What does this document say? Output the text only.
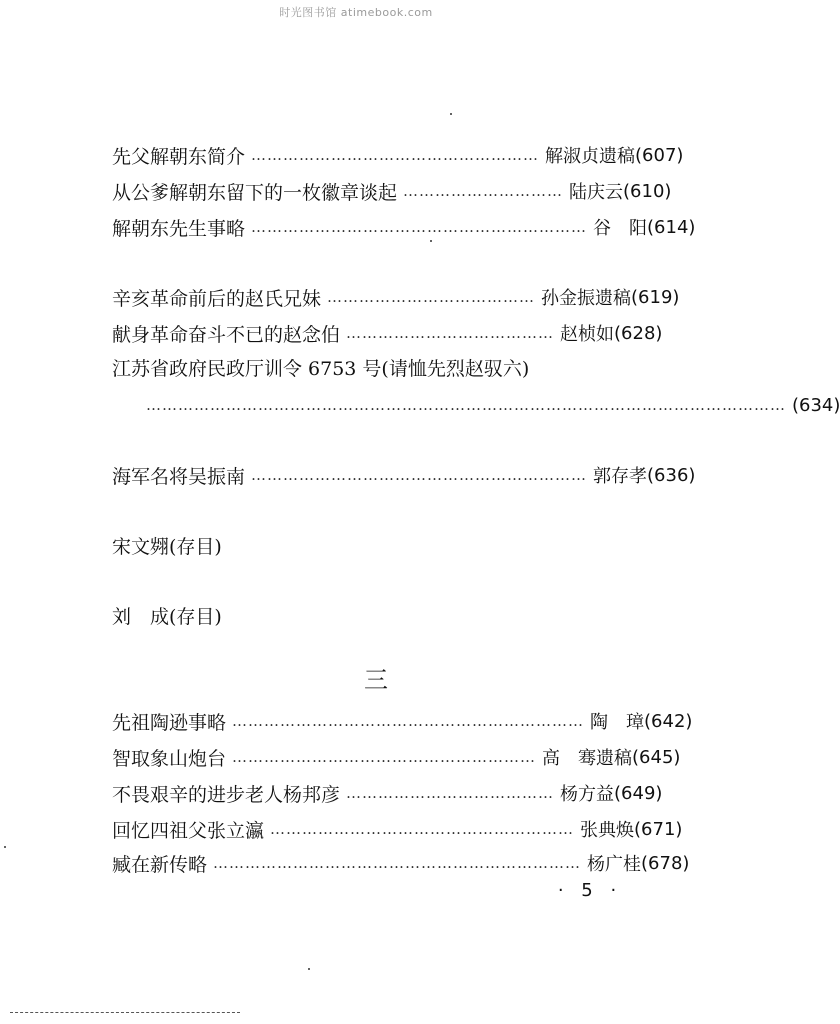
时光图书馆 atimebook.com
先父解朝东简介 ……………………………………………… 解淑贞遗稿 (607)
从公爹解朝东留下的一枚徽章谈起 ………………………… 陆庆云 (610)
解朝东先生事略 ……………………………………………………… 谷　阳 (614)
辛亥革命前后的赵氏兄妹 ………………………………… 孙金振遗稿 (619)
献身革命奋斗不已的赵念伯 ………………………………… 赵桢如 (628)
江苏省政府民政厅训令 6753 号(请恤先烈赵驭六)
………………………………………………………………………………………………………… (634)
海军名将吴振南 ……………………………………………………… 郭存孝 (636)
宋文翙(存目)
刘　成(存目)
三
先祖陶逊事略 ………………………………………………………… 陶　璋 (642)
智取象山炮台 ………………………………………………… 高　骞遗稿 (645)
不畏艰辛的进步老人杨邦彦 ………………………………… 杨方益 (649)
回忆四祖父张立瀛 ………………………………………………… 张典焕 (671)
臧在新传略 …………………………………………………………… 杨广桂 (678)
· 5 ·
